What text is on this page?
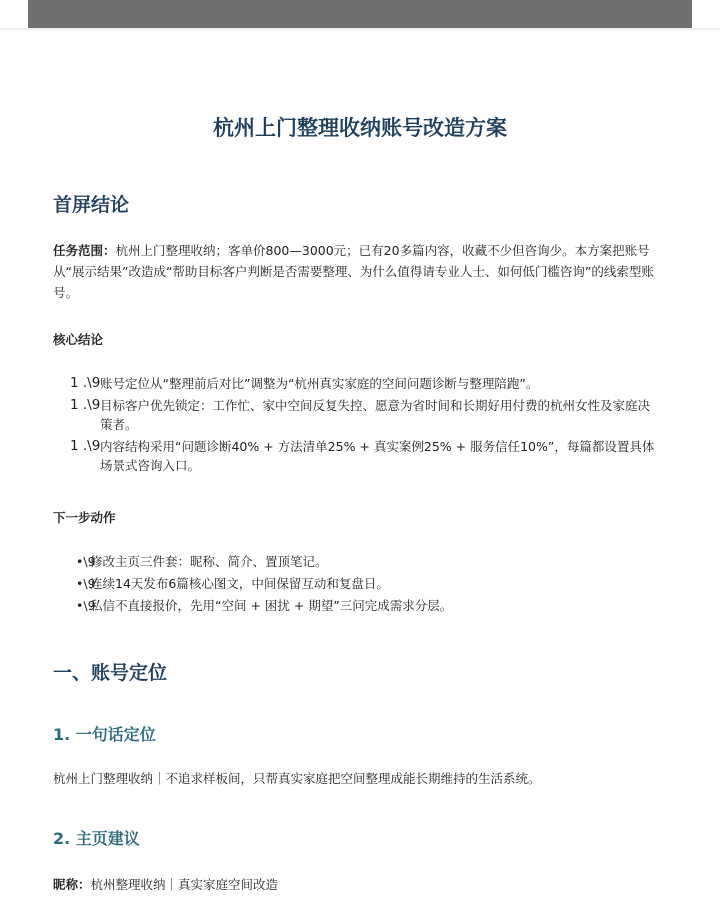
杭州上门整理收纳账号改造方案
首屏结论
任务范围：杭州上门整理收纳；客单价800—3000元；已有20多篇内容，收藏不少但咨询少。本方案把账号从“展示结果”改造成“帮助目标客户判断是否需要整理、为什么值得请专业人士、如何低门槛咨询”的线索型账号。
核心结论
1 .\9 账号定位从“整理前后对比”调整为“杭州真实家庭的空间问题诊断与整理陪跑”。
1 .\9 目标客户优先锁定：工作忙、家中空间反复失控、愿意为省时间和长期好用付费的杭州女性及家庭决策者。
1 .\9 内容结构采用“问题诊断40% + 方法清单25% + 真实案例25% + 服务信任10%”，每篇都设置具体场景式咨询入口。
下一步动作
•\9
修改主页三件套：昵称、简介、置顶笔记。
•\9
连续14天发布6篇核心图文，中间保留互动和复盘日。
•\9
私信不直接报价，先用“空间 + 困扰 + 期望”三问完成需求分层。
一、账号定位
1. 一句话定位
杭州上门整理收纳｜不追求样板间，只帮真实家庭把空间整理成能长期维持的生活系统。
2. 主页建议
昵称：杭州整理收纳｜真实家庭空间改造
